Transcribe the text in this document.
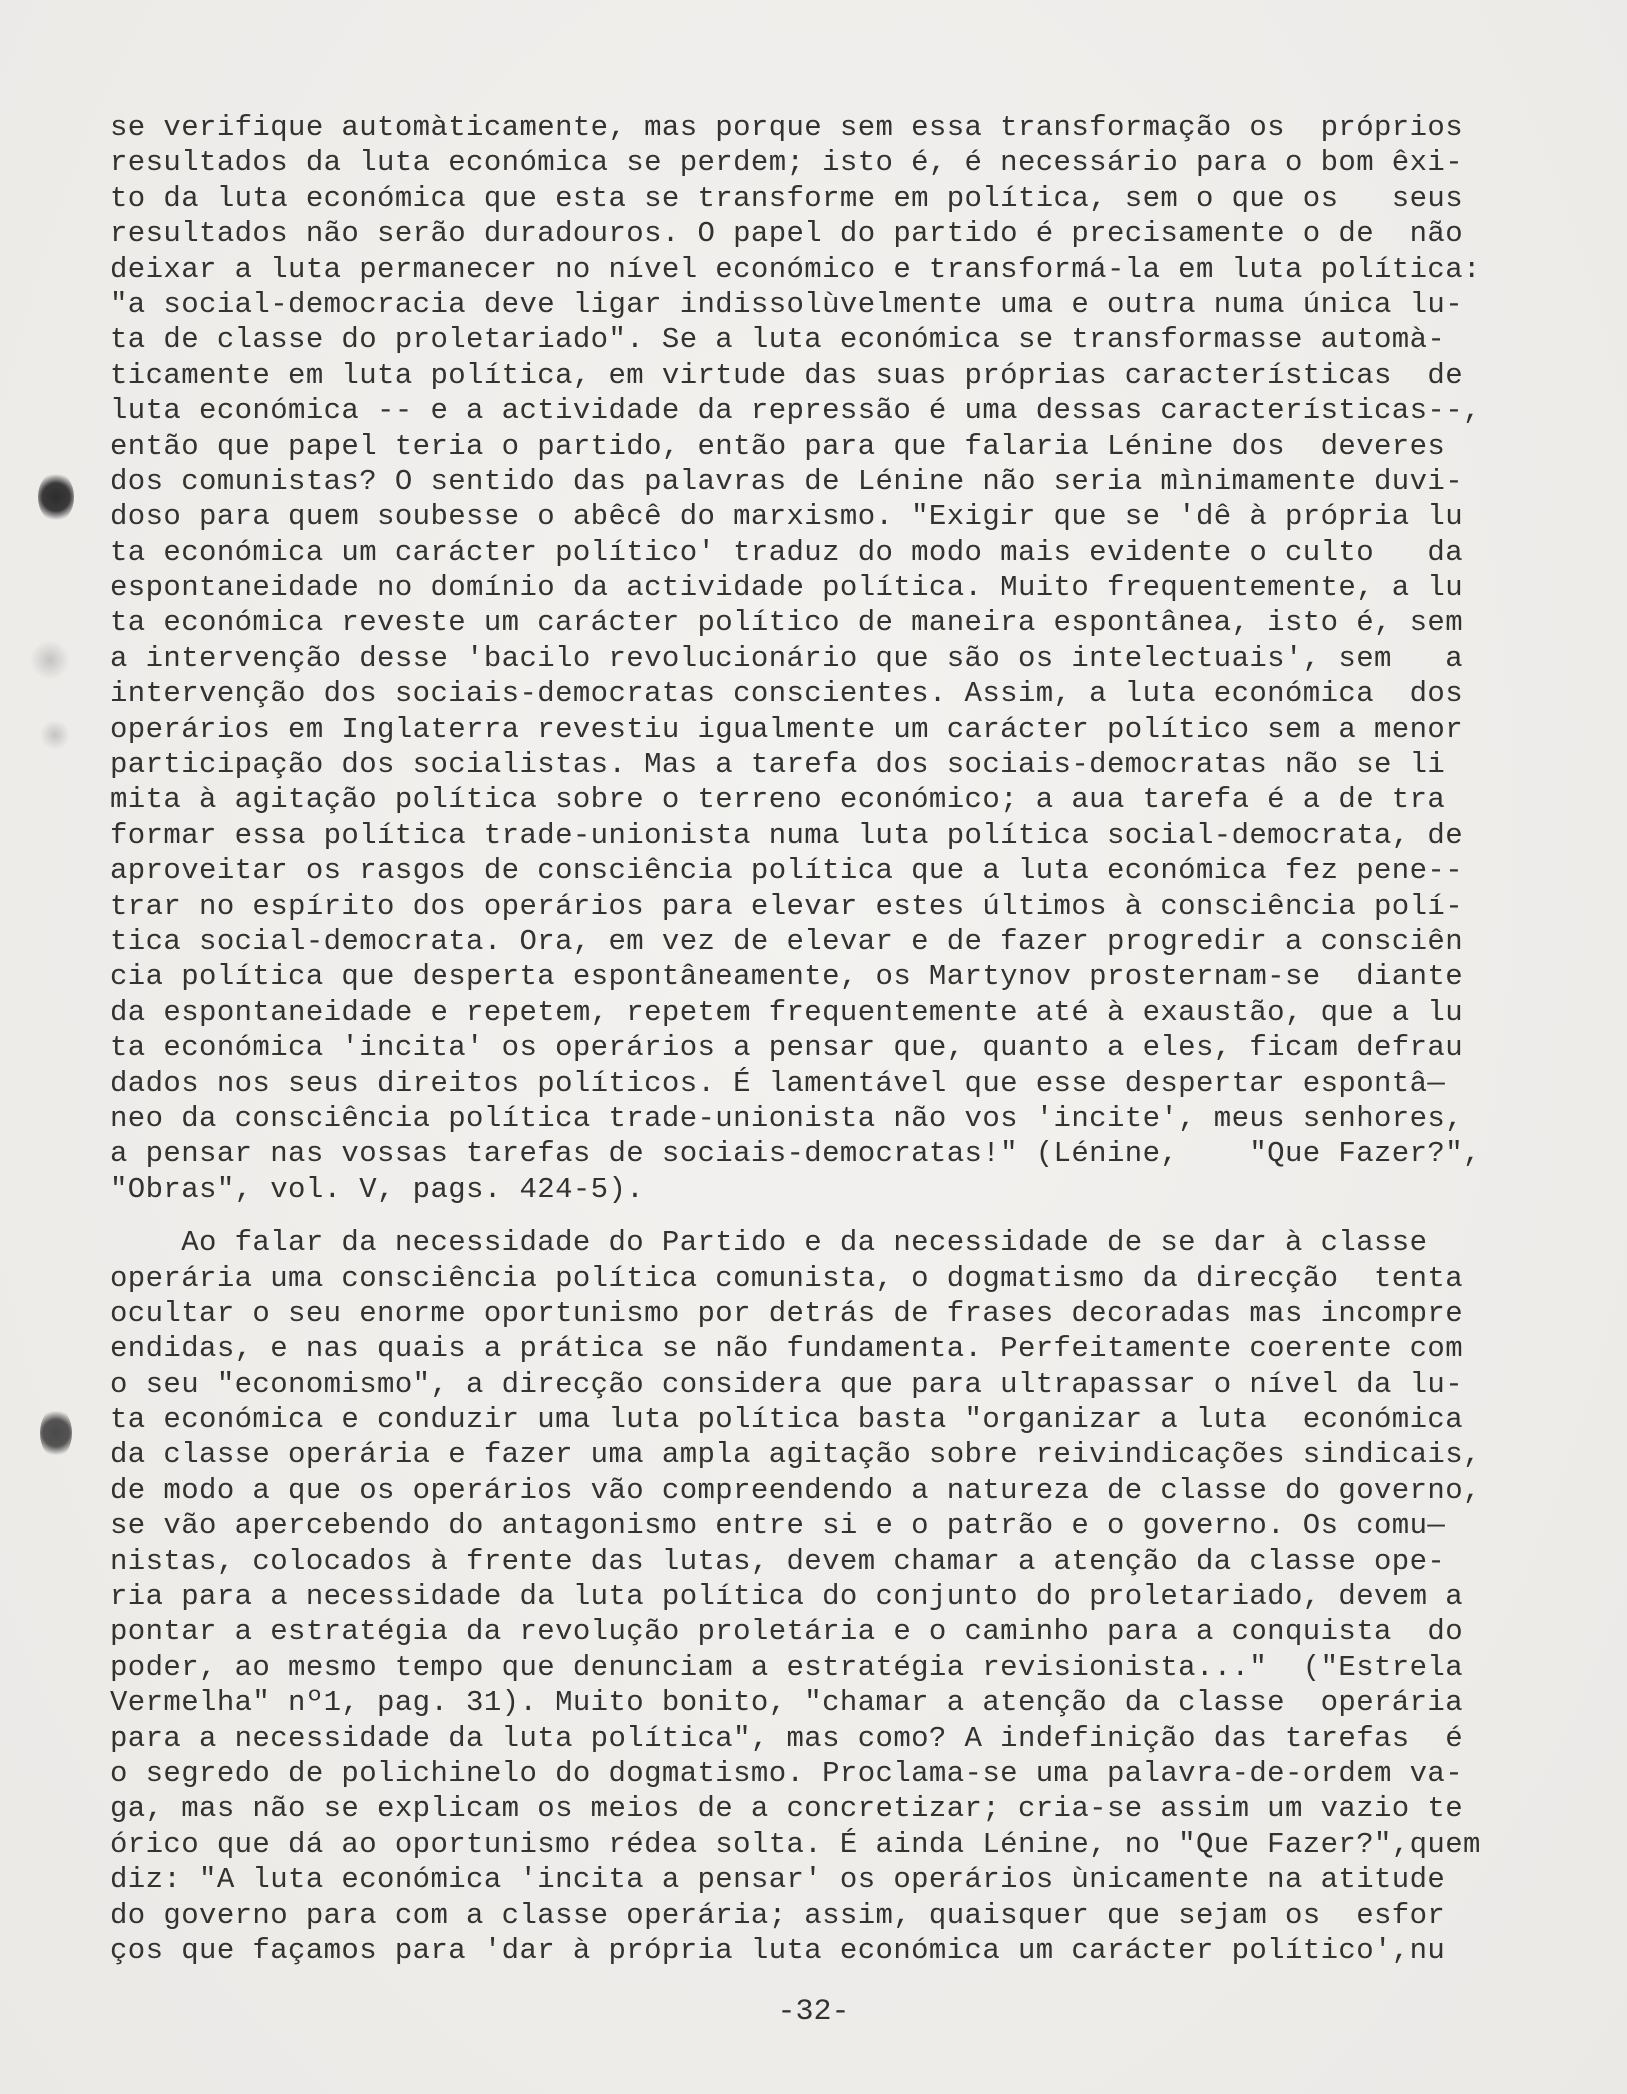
se verifique automàticamente, mas porque sem essa transformação os  próprios
resultados da luta económica se perdem; isto é, é necessário para o bom êxi-
to da luta económica que esta se transforme em política, sem o que os   seus
resultados não serão duradouros. O papel do partido é precisamente o de  não
deixar a luta permanecer no nível económico e transformá-la em luta política:
"a social-democracia deve ligar indissolùvelmente uma e outra numa única lu-
ta de classe do proletariado". Se a luta económica se transformasse automà-
ticamente em luta política, em virtude das suas próprias características  de
luta económica -- e a actividade da repressão é uma dessas características--,
então que papel teria o partido, então para que falaria Lénine dos  deveres
dos comunistas? O sentido das palavras de Lénine não seria mìnimamente duvi-
doso para quem soubesse o abêcê do marxismo. "Exigir que se 'dê à própria lu
ta económica um carácter político' traduz do modo mais evidente o culto   da
espontaneidade no domínio da actividade política. Muito frequentemente, a lu
ta económica reveste um carácter político de maneira espontânea, isto é, sem
a intervenção desse 'bacilo revolucionário que são os intelectuais', sem   a
intervenção dos sociais-democratas conscientes. Assim, a luta económica  dos
operários em Inglaterra revestiu igualmente um carácter político sem a menor
participação dos socialistas. Mas a tarefa dos sociais-democratas não se li
mita à agitação política sobre o terreno económico; a aua tarefa é a de tra
formar essa política trade-unionista numa luta política social-democrata, de
aproveitar os rasgos de consciência política que a luta económica fez pene--
trar no espírito dos operários para elevar estes últimos à consciência polí-
tica social-democrata. Ora, em vez de elevar e de fazer progredir a consciên
cia política que desperta espontâneamente, os Martynov prosternam-se  diante
da espontaneidade e repetem, repetem frequentemente até à exaustão, que a lu
ta económica 'incita' os operários a pensar que, quanto a eles, ficam defrau
dados nos seus direitos políticos. É lamentável que esse despertar espontâ—
neo da consciência política trade-unionista não vos 'incite', meus senhores,
a pensar nas vossas tarefas de sociais-democratas!" (Lénine,    "Que Fazer?",
"Obras", vol. V, pags. 424-5).
Ao falar da necessidade do Partido e da necessidade de se dar à classe
operária uma consciência política comunista, o dogmatismo da direcção  tenta
ocultar o seu enorme oportunismo por detrás de frases decoradas mas incompre
endidas, e nas quais a prática se não fundamenta. Perfeitamente coerente com
o seu "economismo", a direcção considera que para ultrapassar o nível da lu-
ta económica e conduzir uma luta política basta "organizar a luta  económica
da classe operária e fazer uma ampla agitação sobre reivindicações sindicais,
de modo a que os operários vão compreendendo a natureza de classe do governo,
se vão apercebendo do antagonismo entre si e o patrão e o governo. Os comu—
nistas, colocados à frente das lutas, devem chamar a atenção da classe ope-
ria para a necessidade da luta política do conjunto do proletariado, devem a
pontar a estratégia da revolução proletária e o caminho para a conquista  do
poder, ao mesmo tempo que denunciam a estratégia revisionista..."  ("Estrela
Vermelha" nº1, pag. 31). Muito bonito, "chamar a atenção da classe  operária
para a necessidade da luta política", mas como? A indefinição das tarefas  é
o segredo de polichinelo do dogmatismo. Proclama-se uma palavra-de-ordem va-
ga, mas não se explicam os meios de a concretizar; cria-se assim um vazio te
órico que dá ao oportunismo rédea solta. É ainda Lénine, no "Que Fazer?",quem
diz: "A luta económica 'incita a pensar' os operários ùnicamente na atitude
do governo para com a classe operária; assim, quaisquer que sejam os  esfor
ços que façamos para 'dar à própria luta económica um carácter político',nu
-32-
